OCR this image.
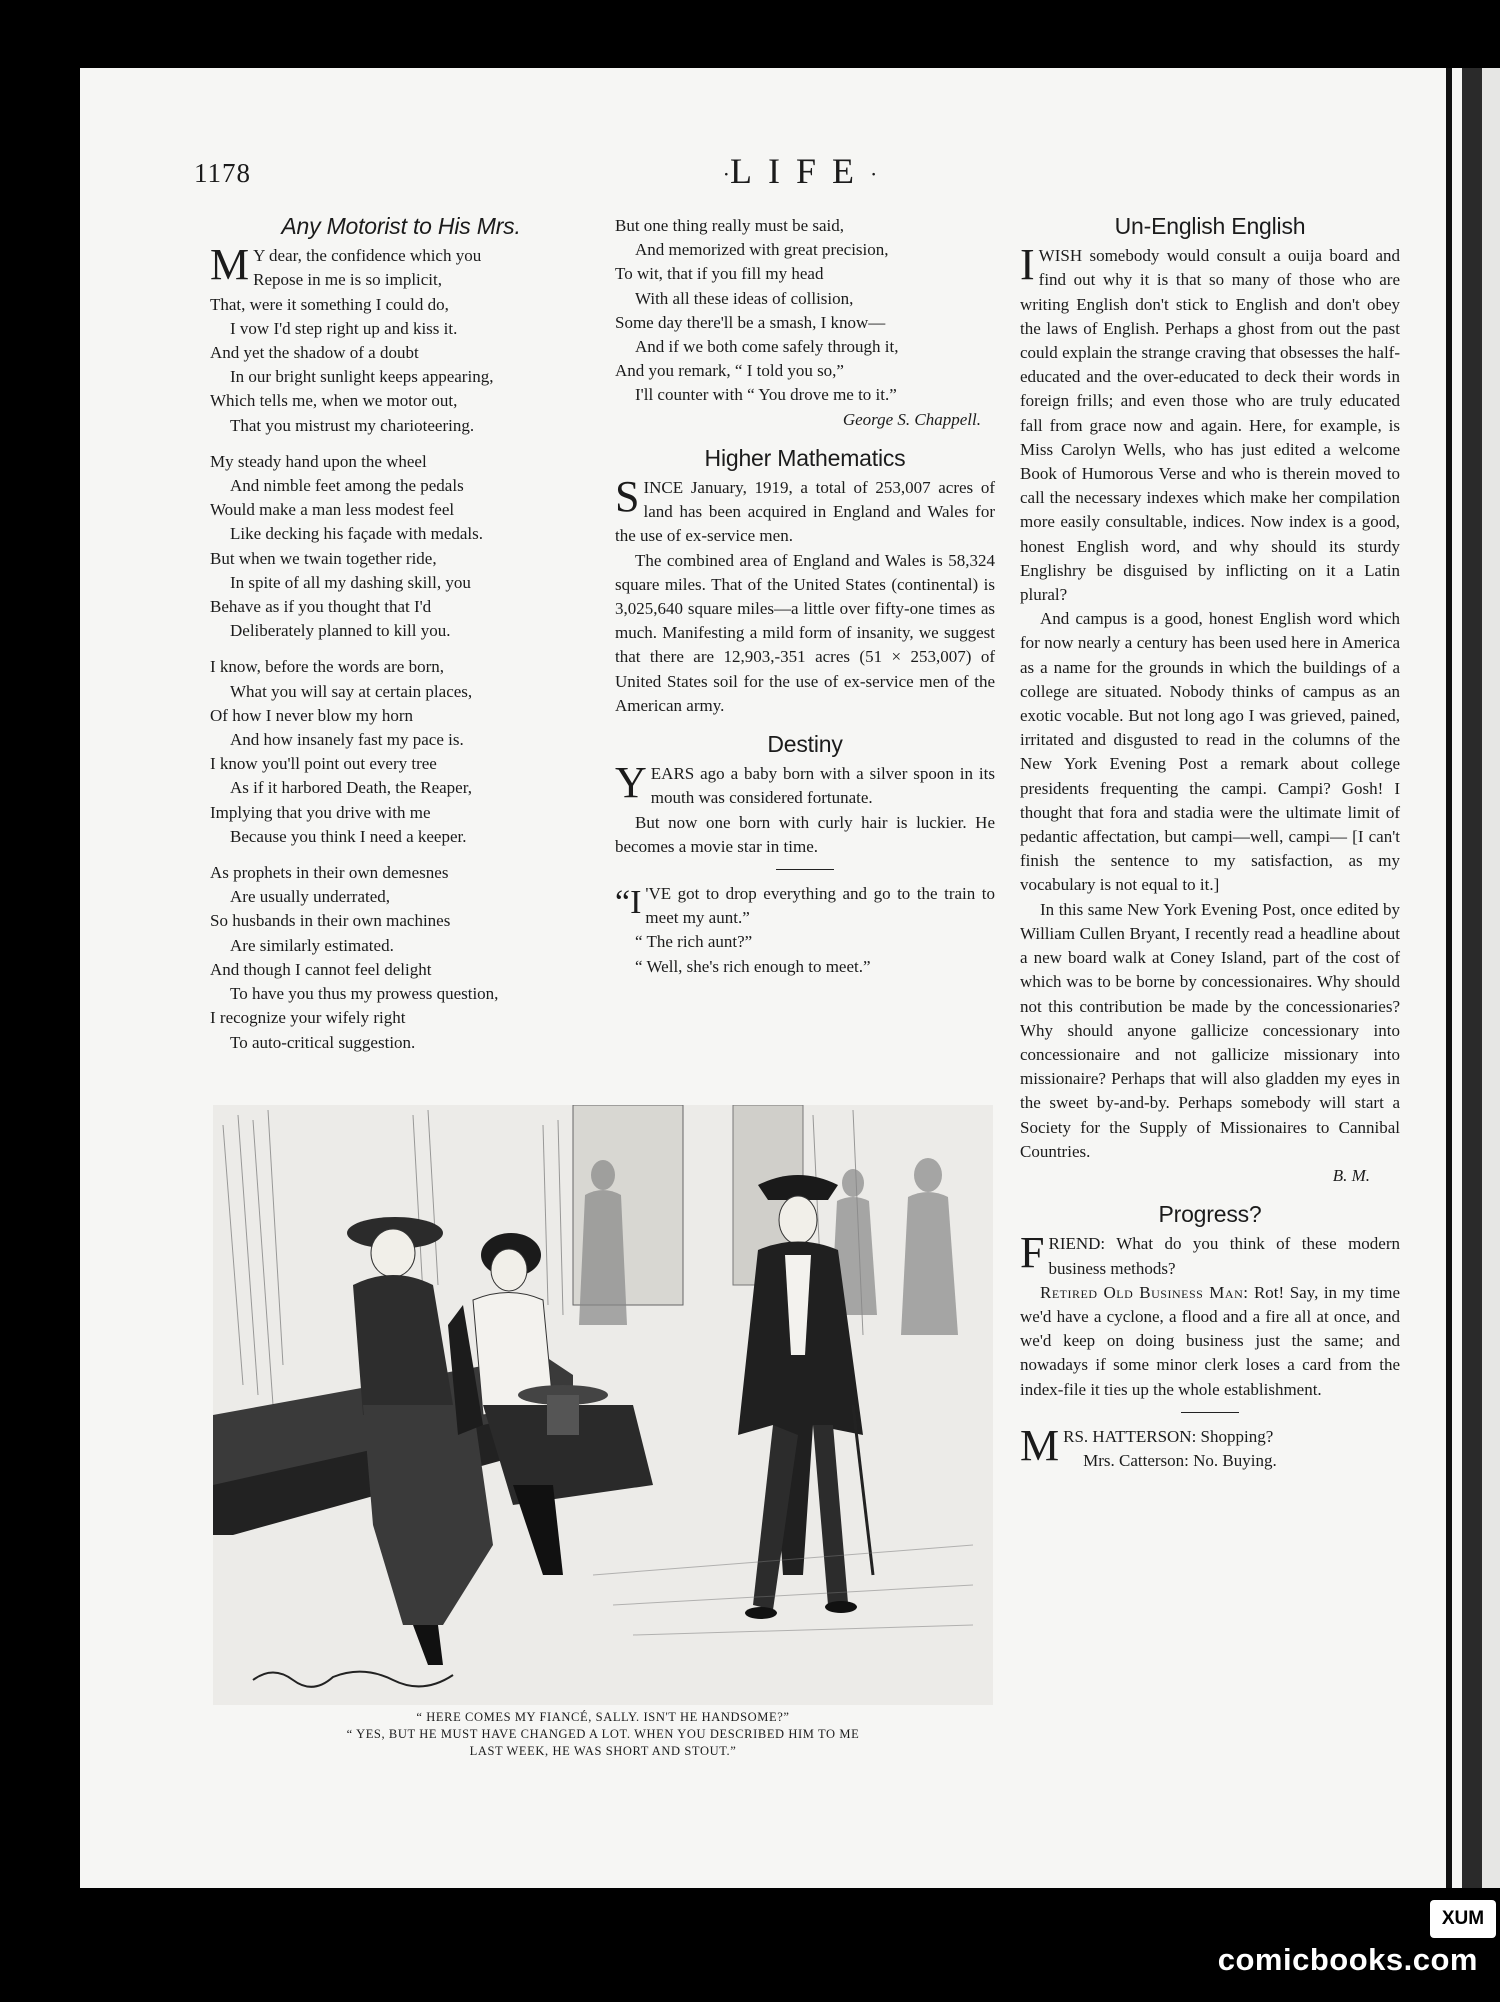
1178	·LIFE·
Any Motorist to His Mrs.
M Y dear, the confidence which you
Repose in me is so implicit,
That, were it something I could do,
I vow I'd step right up and kiss it.
And yet the shadow of a doubt
In our bright sunlight keeps appearing,
Which tells me, when we motor out,
That you mistrust my charioteering.
My steady hand upon the wheel
And nimble feet among the pedals
Would make a man less modest feel
Like decking his façade with medals.
But when we twain together ride,
In spite of all my dashing skill, you
Behave as if you thought that I'd
Deliberately planned to kill you.
I know, before the words are born,
What you will say at certain places,
Of how I never blow my horn
And how insanely fast my pace is.
I know you'll point out every tree
As if it harbored Death, the Reaper,
Implying that you drive with me
Because you think I need a keeper.
As prophets in their own demesnes
Are usually underrated,
So husbands in their own machines
Are similarly estimated.
And though I cannot feel delight
To have you thus my prowess question,
I recognize your wifely right
To auto-critical suggestion.
But one thing really must be said,
And memorized with great precision,
To wit, that if you fill my head
With all these ideas of collision,
Some day there'll be a smash, I know—
And if we both come safely through it,
And you remark, “ I told you so,”
I'll counter with “ You drove me to it.”
George S. Chappell.
Higher Mathematics

SINCE January, 1919, a total of 253,007 acres of land has been acquired in England and Wales for the use of ex-service men.

The combined area of England and Wales is 58,324 square miles. That of the United States (continental) is 3,025,640 square miles—a little over fifty-one times as much. Manifesting a mild form of insanity, we suggest that there are 12,903,-351 acres (51 × 253,007) of United States soil for the use of ex-service men of the American army.

Destiny

YEARS ago a baby born with a silver spoon in its mouth was considered fortunate.

But now one born with curly hair is luckier. He becomes a movie star in time.

“I 'VE got to drop everything and go to the train to meet my aunt.”

“ The rich aunt?”

“ Well, she's rich enough to meet.”

Un-English English

IWISH somebody would consult a ouija board and find out why it is that so many of those who are writing English don't stick to English and don't obey the laws of English. Perhaps a ghost from out the past could explain the strange craving that obsesses the half-educated and the over-educated to deck their words in foreign frills; and even those who are truly educated fall from grace now and again. Here, for example, is Miss Carolyn Wells, who has just edited a welcome Book of Humorous Verse and who is therein moved to call the necessary indexes which make her compilation more easily consultable, indices. Now index is a good, honest English word, and why should its sturdy Englishry be disguised by inflicting on it a Latin plural?

And campus is a good, honest English word which for now nearly a century has been used here in America as a name for the grounds in which the buildings of a college are situated. Nobody thinks of campus as an exotic vocable. But not long ago I was grieved, pained, irritated and disgusted to read in the columns of the New York Evening Post a remark about college presidents frequenting the campi. Campi? Gosh! I thought that fora and stadia were the ultimate limit of pedantic affectation, but campi—well, campi— [I can't finish the sentence to my satisfaction, as my vocabulary is not equal to it.]

In this same New York Evening Post, once edited by William Cullen Bryant, I recently read a headline about a new board walk at Coney Island, part of the cost of which was to be borne by concessionaires. Why should not this contribution be made by the concessionaries? Why should anyone gallicize concessionary into concessionaire and not gallicize missionary into missionaire? Perhaps that will also gladden my eyes in the sweet by-and-by. Perhaps somebody will start a Society for the Supply of Missionaires to Cannibal Countries.

B. M.
Progress?

FRIEND: What do you think of these modern business methods?

Retired Old Business Man: Rot! Say, in my time we'd have a cyclone, a flood and a fire all at once, and we'd keep on doing business just the same; and nowadays if some minor clerk loses a card from the index-file it ties up the whole establishment.

MRS. HATTERSON: Shopping?

Mrs. Catterson: No. Buying.

“ HERE COMES MY FIANCÉ, SALLY. ISN'T HE HANDSOME?”
“ YES, BUT HE MUST HAVE CHANGED A LOT. WHEN YOU DESCRIBED HIM TO ME
LAST WEEK, HE WAS SHORT AND STOUT.”
XUM
comicbooks.com
